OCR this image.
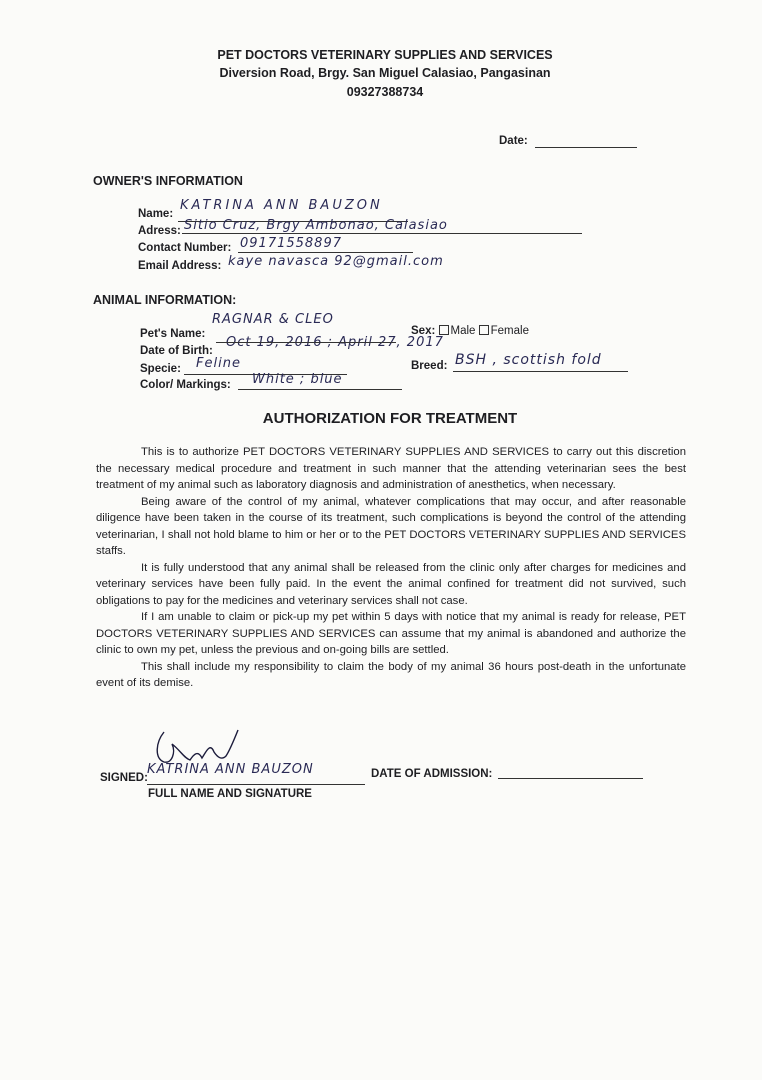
PET DOCTORS VETERINARY SUPPLIES AND SERVICES
Diversion Road, Brgy. San Miguel Calasiao, Pangasinan
09327388734
Date:
OWNER'S INFORMATION
Name:
KATRINA ANN BAUZON
Adress: Sitio Cruz, Brgy Ambonao, Calasiao
Contact Number: 09171558897
Email Address: kaye navasca 92@gmail.com
ANIMAL INFORMATION:
Pet's Name:
RAGNAR & CLEO
Date of Birth:
Oct 19, 2016 ; April 27, 2017
Specie: Feline
Color/ Markings: White ; blue
Sex: Male Female
Breed: BSH , scottish fold
AUTHORIZATION FOR TREATMENT

This is to authorize PET DOCTORS VETERINARY SUPPLIES AND SERVICES to carry out this discretion the necessary medical procedure and treatment in such manner that the attending veterinarian sees the best treatment of my animal such as laboratory diagnosis and administration of anesthetics, when necessary.

Being aware of the control of my animal, whatever complications that may occur, and after reasonable diligence have been taken in the course of its treatment, such complications is beyond the control of the attending veterinarian, I shall not hold blame to him or her or to the PET DOCTORS VETERINARY SUPPLIES AND SERVICES staffs.

It is fully understood that any animal shall be released from the clinic only after charges for medicines and veterinary services have been fully paid. In the event the animal confined for treatment did not survived, such obligations to pay for the medicines and veterinary services shall not case.

If I am unable to claim or pick-up my pet within 5 days with notice that my animal is ready for release, PET DOCTORS VETERINARY SUPPLIES AND SERVICES can assume that my animal is abandoned and authorize the clinic to own my pet, unless the previous and on-going bills are settled.

This shall include my responsibility to claim the body of my animal 36 hours post-death in the unfortunate event of its demise.

SIGNED:
KATRINA ANN BAUZON
FULL NAME AND SIGNATURE
DATE OF ADMISSION:
